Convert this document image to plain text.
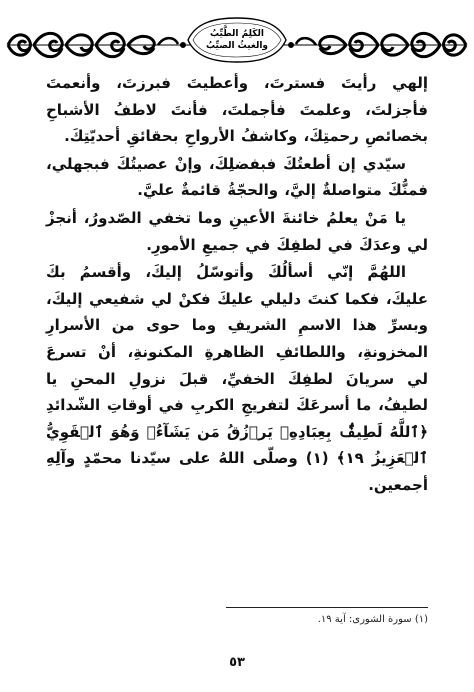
الكَلِمُ الطَّيِّبُ
والغيثُ الصيِّبُ

إلهي رأيتَ فسترتَ، وأعطيتَ فبرزتَ، وأنعمتَ فأجزلتَ، وعلمتَ فأجملتَ، فأنتَ لاطفُ الأشباحِ بخصائصِ رحمتِكَ، وكاشفُ الأرواحِ بحقائقِ أحديّتِكَ.

سيّدي إن أطعتُكَ فبفضلِكَ، وإنْ عصيتُكَ فبجهلي، فمنُّكَ متواصلةٌ إليَّ، والحجّةُ قائمةٌ عليَّ.

يا مَنْ يعلمُ خائنةَ الأعينِ وما تخفي الصّدورُ، أنجزْ لي وعدَكَ في لطفِكَ في جميعِ الأمورِ.

اللهُمَّ إنّي أسألُكَ وأتوسّلُ إليكَ، وأقسمُ بكَ عليكَ، فكما كنتَ دليلي عليكَ فكنْ لي شفيعي إليكَ، وبسرِّ هذا الاسمِ الشريفِ وما حوى من الأسرارِ المخزونةِ، واللطائفِ الظاهرةِ المكنونةِ، أنْ تسرعَ لي سريانَ لطفِكَ الخفيِّ، قبلَ نزولِ المحنِ يا لطيفُ، ما أسرعَكَ لتفريجِ الكربِ في أوقاتِ الشّدائدِ ﴿ٱللَّهُ لَطِيفٌۢ بِعِبَادِهِۦ يَرۡزُقُ مَن يَشَآءُۖ وَهُوَ ٱلۡقَوِيُّ ٱلۡعَزِيزُ ١٩﴾ (١) وصلّى اللهُ على سيّدنا محمّدٍ وآلِهِ أجمعين.

(١) سورة الشورى: آية ١٩.
٥٣
